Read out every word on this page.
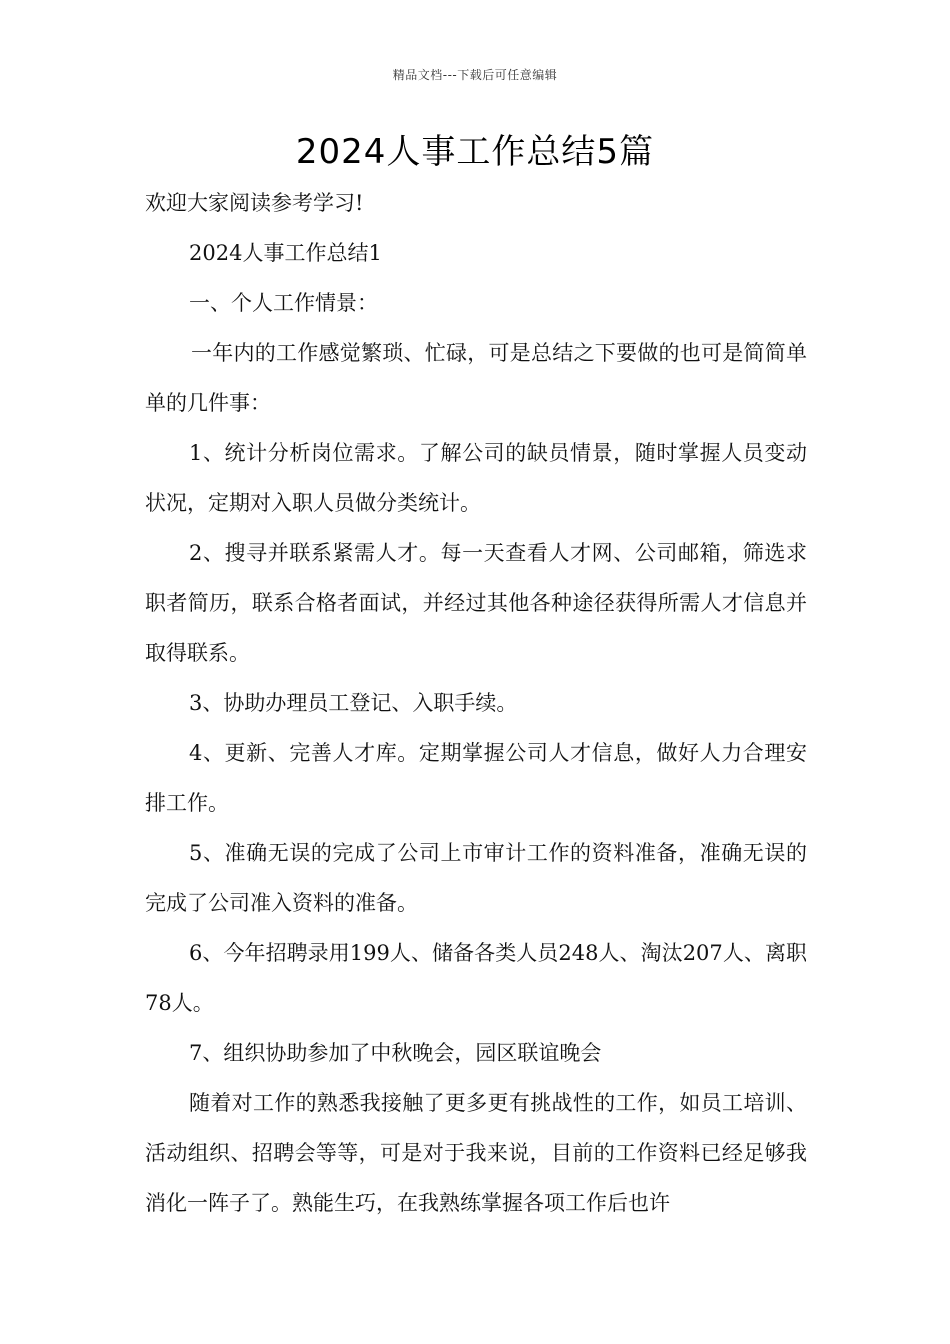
精品文档---下载后可任意编辑
2024人事工作总结5篇

欢迎大家阅读参考学习!

2024人事工作总结1

一、个人工作情景：

一年内的工作感觉繁琐、忙碌，可是总结之下要做的也可是简简单单的几件事：

1、统计分析岗位需求。了解公司的缺员情景，随时掌握人员变动状况，定期对入职人员做分类统计。

2、搜寻并联系紧需人才。每一天查看人才网、公司邮箱，筛选求职者简历，联系合格者面试，并经过其他各种途径获得所需人才信息并取得联系。

3、协助办理员工登记、入职手续。

4、更新、完善人才库。定期掌握公司人才信息，做好人力合理安排工作。

5、准确无误的完成了公司上市审计工作的资料准备，准确无误的完成了公司准入资料的准备。

6、今年招聘录用199人、储备各类人员248人、淘汰207人、离职78人。

7、组织协助参加了中秋晚会，园区联谊晚会

随着对工作的熟悉我接触了更多更有挑战性的工作，如员工培训、活动组织、招聘会等等，可是对于我来说，目前的工作资料已经足够我消化一阵子了。熟能生巧，在我熟练掌握各项工作后也许
